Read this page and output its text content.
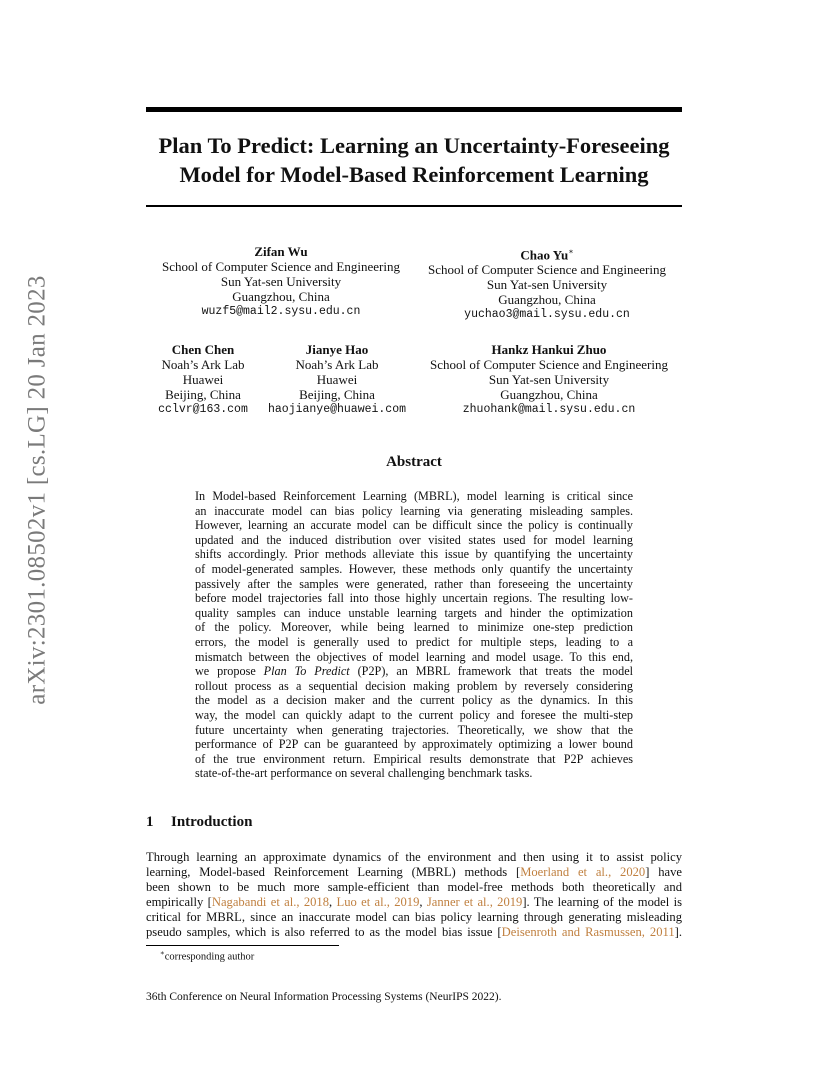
arXiv:2301.08502v1 [cs.LG] 20 Jan 2023
Plan To Predict: Learning an Uncertainty-Foreseeing
Model for Model-Based Reinforcement Learning
Zifan Wu
School of Computer Science and Engineering
Sun Yat-sen University
Guangzhou, China
wuzf5@mail2.sysu.edu.cn
Chao Yu∗
School of Computer Science and Engineering
Sun Yat-sen University
Guangzhou, China
yuchao3@mail.sysu.edu.cn
Chen Chen
Noah’s Ark Lab
Huawei
Beijing, China
cclvr@163.com
Jianye Hao
Noah’s Ark Lab
Huawei
Beijing, China
haojianye@huawei.com
Hankz Hankui Zhuo
School of Computer Science and Engineering
Sun Yat-sen University
Guangzhou, China
zhuohank@mail.sysu.edu.cn
Abstract
In Model-based Reinforcement Learning (MBRL), model learning is critical since
an inaccurate model can bias policy learning via generating misleading samples.
However, learning an accurate model can be difficult since the policy is continually
updated and the induced distribution over visited states used for model learning
shifts accordingly. Prior methods alleviate this issue by quantifying the uncertainty
of model-generated samples. However, these methods only quantify the uncertainty
passively after the samples were generated, rather than foreseeing the uncertainty
before model trajectories fall into those highly uncertain regions. The resulting low-
quality samples can induce unstable learning targets and hinder the optimization
of the policy. Moreover, while being learned to minimize one-step prediction
errors, the model is generally used to predict for multiple steps, leading to a
mismatch between the objectives of model learning and model usage. To this end,
we propose Plan To Predict (P2P), an MBRL framework that treats the model
rollout process as a sequential decision making problem by reversely considering
the model as a decision maker and the current policy as the dynamics. In this
way, the model can quickly adapt to the current policy and foresee the multi-step
future uncertainty when generating trajectories. Theoretically, we show that the
performance of P2P can be guaranteed by approximately optimizing a lower bound
of the true environment return. Empirical results demonstrate that P2P achieves
state-of-the-art performance on several challenging benchmark tasks.
1 Introduction
Through learning an approximate dynamics of the environment and then using it to assist policy
learning, Model-based Reinforcement Learning (MBRL) methods [Moerland et al., 2020] have
been shown to be much more sample-efficient than model-free methods both theoretically and
empirically [Nagabandi et al., 2018, Luo et al., 2019, Janner et al., 2019]. The learning of the model is
critical for MBRL, since an inaccurate model can bias policy learning through generating misleading
pseudo samples, which is also referred to as the model bias issue [Deisenroth and Rasmussen, 2011].
∗corresponding author
36th Conference on Neural Information Processing Systems (NeurIPS 2022).
